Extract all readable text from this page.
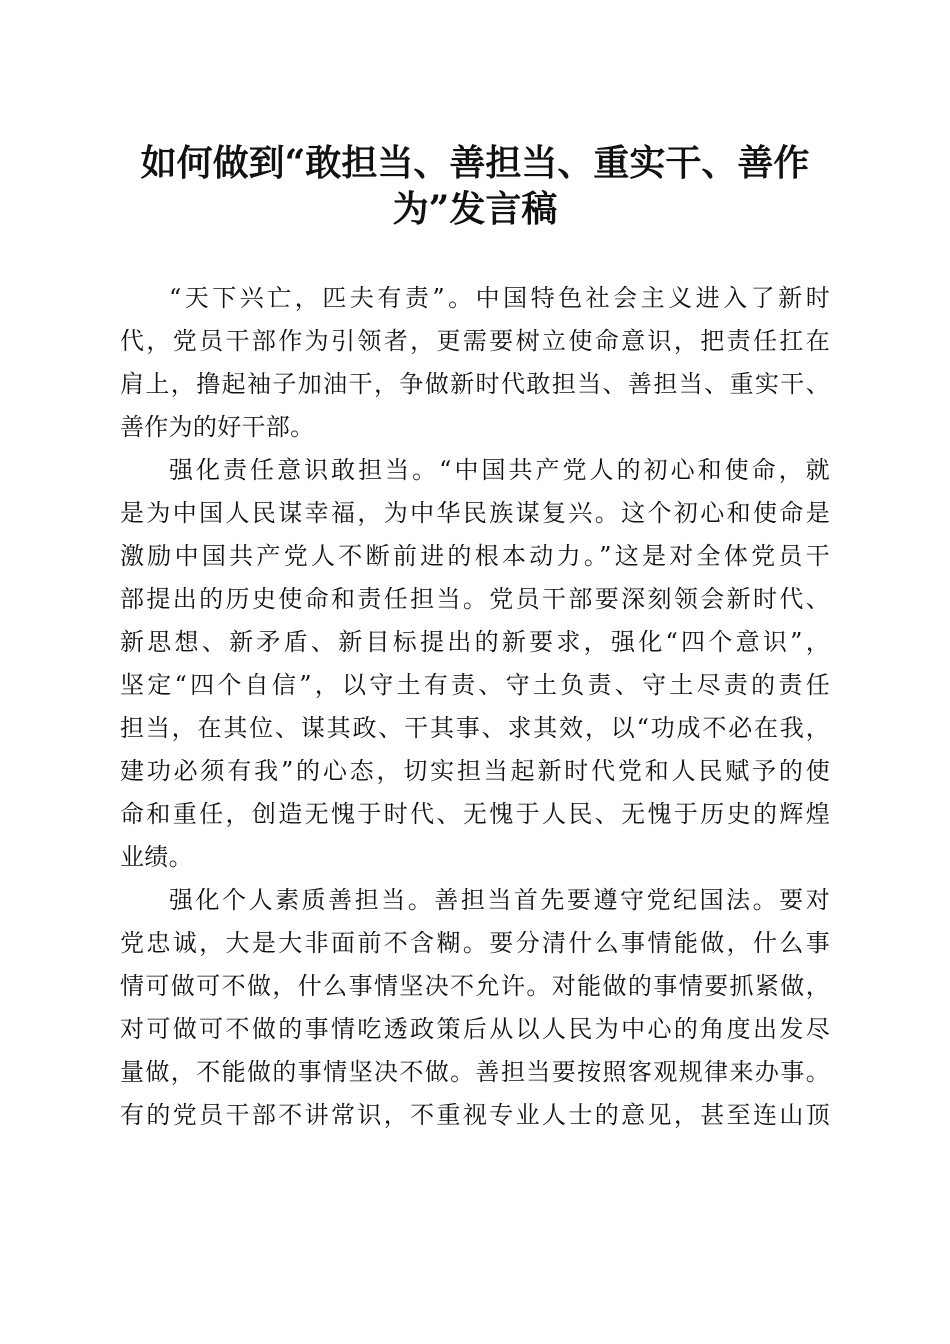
如何做到“敢担当、善担当、重实干、善作
为”发言稿
“天下兴亡，匹夫有责”。中国特色社会主义进入了新时
代，党员干部作为引领者，更需要树立使命意识，把责任扛在
肩上，撸起袖子加油干，争做新时代敢担当、善担当、重实干、
善作为的好干部。
强化责任意识敢担当。“中国共产党人的初心和使命，就
是为中国人民谋幸福，为中华民族谋复兴。这个初心和使命是
激励中国共产党人不断前进的根本动力。”这是对全体党员干
部提出的历史使命和责任担当。党员干部要深刻领会新时代、
新思想、新矛盾、新目标提出的新要求，强化“四个意识”，
坚定“四个自信”，以守土有责、守土负责、守土尽责的责任
担当，在其位、谋其政、干其事、求其效，以“功成不必在我，
建功必须有我”的心态，切实担当起新时代党和人民赋予的使
命和重任，创造无愧于时代、无愧于人民、无愧于历史的辉煌
业绩。
强化个人素质善担当。善担当首先要遵守党纪国法。要对
党忠诚，大是大非面前不含糊。要分清什么事情能做，什么事
情可做可不做，什么事情坚决不允许。对能做的事情要抓紧做，
对可做可不做的事情吃透政策后从以人民为中心的角度出发尽
量做，不能做的事情坚决不做。善担当要按照客观规律来办事。
有的党员干部不讲常识，不重视专业人士的意见，甚至连山顶
